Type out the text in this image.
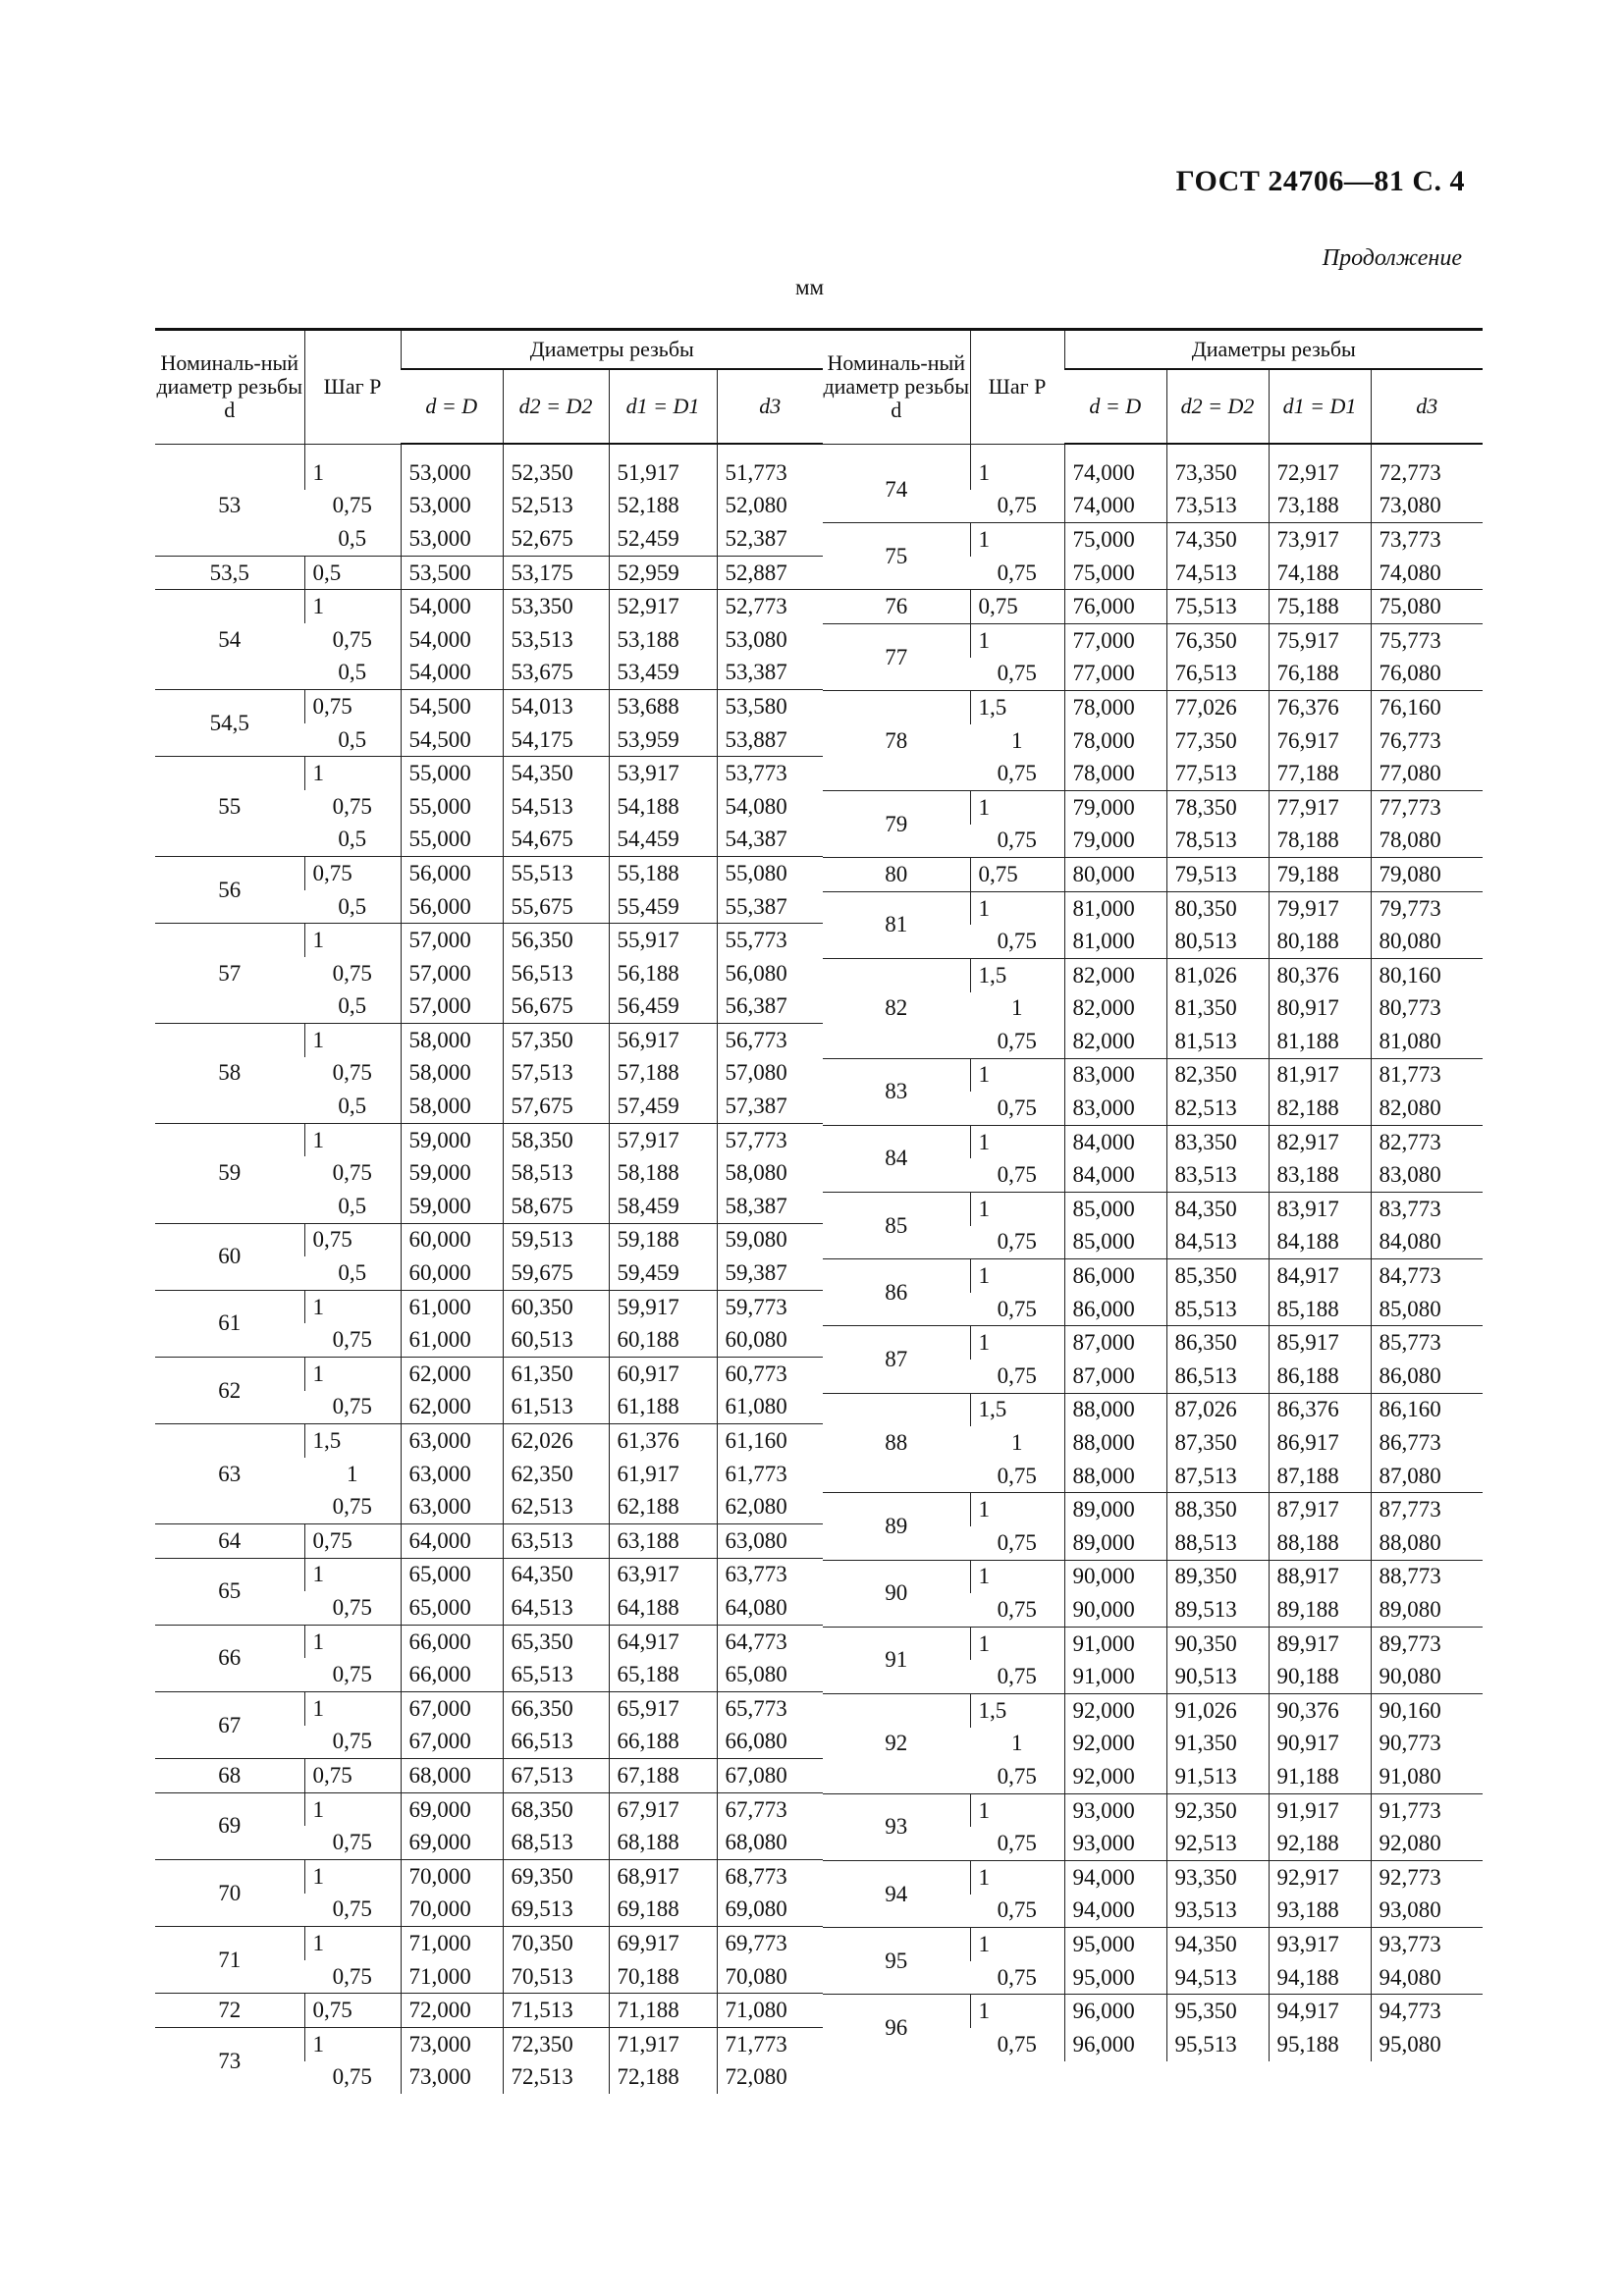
ГОСТ 24706—81 С. 4
Продолжение
мм
Номиналь-ный диаметр резьбы d	Шаг P	Диаметры резьбы			
		d = D	d2 = D2	d1 = D1	d3

53	1	53,000	52,350	51,917	51,773
	0,75	53,000	52,513	52,188	52,080
	0,5	53,000	52,675	52,459	52,387
53,5	0,5	53,500	53,175	52,959	52,887
54	1	54,000	53,350	52,917	52,773
	0,75	54,000	53,513	53,188	53,080
	0,5	54,000	53,675	53,459	53,387
54,5	0,75	54,500	54,013	53,688	53,580
	0,5	54,500	54,175	53,959	53,887
55	1	55,000	54,350	53,917	53,773
	0,75	55,000	54,513	54,188	54,080
	0,5	55,000	54,675	54,459	54,387
56	0,75	56,000	55,513	55,188	55,080
	0,5	56,000	55,675	55,459	55,387
57	1	57,000	56,350	55,917	55,773
	0,75	57,000	56,513	56,188	56,080
	0,5	57,000	56,675	56,459	56,387
58	1	58,000	57,350	56,917	56,773
	0,75	58,000	57,513	57,188	57,080
	0,5	58,000	57,675	57,459	57,387
59	1	59,000	58,350	57,917	57,773
	0,75	59,000	58,513	58,188	58,080
	0,5	59,000	58,675	58,459	58,387
60	0,75	60,000	59,513	59,188	59,080
	0,5	60,000	59,675	59,459	59,387
61	1	61,000	60,350	59,917	59,773
	0,75	61,000	60,513	60,188	60,080
62	1	62,000	61,350	60,917	60,773
	0,75	62,000	61,513	61,188	61,080
63	1,5	63,000	62,026	61,376	61,160
	1	63,000	62,350	61,917	61,773
	0,75	63,000	62,513	62,188	62,080
64	0,75	64,000	63,513	63,188	63,080
65	1	65,000	64,350	63,917	63,773
	0,75	65,000	64,513	64,188	64,080
66	1	66,000	65,350	64,917	64,773
	0,75	66,000	65,513	65,188	65,080
67	1	67,000	66,350	65,917	65,773
	0,75	67,000	66,513	66,188	66,080
68	0,75	68,000	67,513	67,188	67,080
69	1	69,000	68,350	67,917	67,773
	0,75	69,000	68,513	68,188	68,080
70	1	70,000	69,350	68,917	68,773
	0,75	70,000	69,513	69,188	69,080
71	1	71,000	70,350	69,917	69,773
	0,75	71,000	70,513	70,188	70,080
72	0,75	72,000	71,513	71,188	71,080
73	1	73,000	72,350	71,917	71,773
	0,75	73,000	72,513	72,188	72,080
Номиналь-ный диаметр резьбы d	Шаг P	Диаметры резьбы			
		d = D	d2 = D2	d1 = D1	d3

74	1	74,000	73,350	72,917	72,773
	0,75	74,000	73,513	73,188	73,080
75	1	75,000	74,350	73,917	73,773
	0,75	75,000	74,513	74,188	74,080
76	0,75	76,000	75,513	75,188	75,080
77	1	77,000	76,350	75,917	75,773
	0,75	77,000	76,513	76,188	76,080
78	1,5	78,000	77,026	76,376	76,160
	1	78,000	77,350	76,917	76,773
	0,75	78,000	77,513	77,188	77,080
79	1	79,000	78,350	77,917	77,773
	0,75	79,000	78,513	78,188	78,080
80	0,75	80,000	79,513	79,188	79,080
81	1	81,000	80,350	79,917	79,773
	0,75	81,000	80,513	80,188	80,080
82	1,5	82,000	81,026	80,376	80,160
	1	82,000	81,350	80,917	80,773
	0,75	82,000	81,513	81,188	81,080
83	1	83,000	82,350	81,917	81,773
	0,75	83,000	82,513	82,188	82,080
84	1	84,000	83,350	82,917	82,773
	0,75	84,000	83,513	83,188	83,080
85	1	85,000	84,350	83,917	83,773
	0,75	85,000	84,513	84,188	84,080
86	1	86,000	85,350	84,917	84,773
	0,75	86,000	85,513	85,188	85,080
87	1	87,000	86,350	85,917	85,773
	0,75	87,000	86,513	86,188	86,080
88	1,5	88,000	87,026	86,376	86,160
	1	88,000	87,350	86,917	86,773
	0,75	88,000	87,513	87,188	87,080
89	1	89,000	88,350	87,917	87,773
	0,75	89,000	88,513	88,188	88,080
90	1	90,000	89,350	88,917	88,773
	0,75	90,000	89,513	89,188	89,080
91	1	91,000	90,350	89,917	89,773
	0,75	91,000	90,513	90,188	90,080
92	1,5	92,000	91,026	90,376	90,160
	1	92,000	91,350	90,917	90,773
	0,75	92,000	91,513	91,188	91,080
93	1	93,000	92,350	91,917	91,773
	0,75	93,000	92,513	92,188	92,080
94	1	94,000	93,350	92,917	92,773
	0,75	94,000	93,513	93,188	93,080
95	1	95,000	94,350	93,917	93,773
	0,75	95,000	94,513	94,188	94,080
96	1	96,000	95,350	94,917	94,773
	0,75	96,000	95,513	95,188	95,080
